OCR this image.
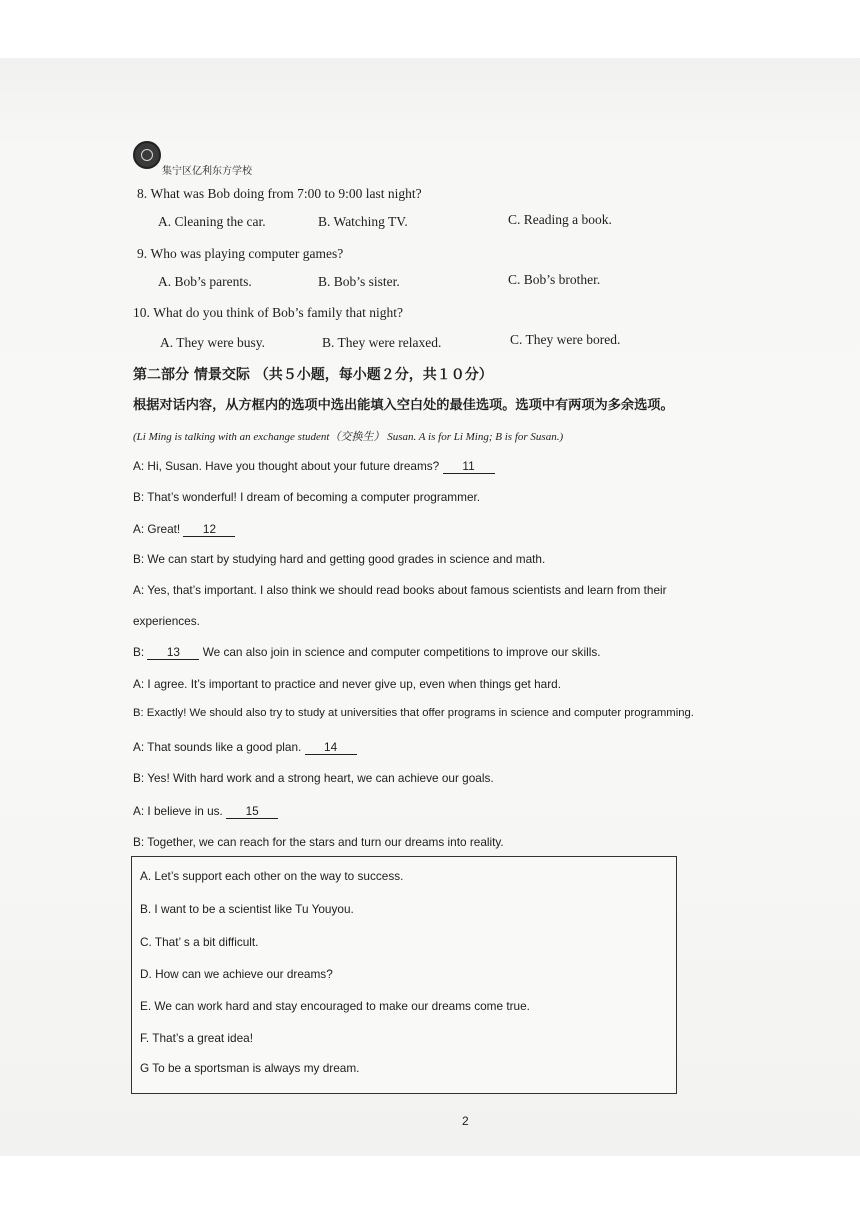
集宁区亿利东方学校
8. What was Bob doing from 7:00 to 9:00 last night?
A. Cleaning the car.	B. Watching TV.	C. Reading a book.
9. Who was playing computer games?
A. Bob’s parents.	B. Bob’s sister.	C. Bob’s brother.
10. What do you think of Bob’s family that night?
A. They were busy.	B. They were relaxed.	C. They were bored.
第二部分 情景交际 （共５小题，每小题２分，共１０分）
根据对话内容，从方框内的选项中选出能填入空白处的最佳选项。选项中有两项为多余选项。
(Li Ming is talking with an exchange student（交换生） Susan. A is for Li Ming; B is for Susan.)
A: Hi, Susan. Have you thought about your future dreams? 11
B: That’s wonderful! I dream of becoming a computer programmer.
A: Great! 12
B: We can start by studying hard and getting good grades in science and math.
A: Yes, that’s important. I also think we should read books about famous scientists and learn from their
experiences.
B: 13 We can also join in science and computer competitions to improve our skills.
A: I agree. It’s important to practice and never give up, even when things get hard.
B: Exactly! We should also try to study at universities that offer programs in science and computer programming.
A: That sounds like a good plan. 14
B: Yes! With hard work and a strong heart, we can achieve our goals.
A: I believe in us. 15
B: Together, we can reach for the stars and turn our dreams into reality.
A. Let’s support each other on the way to success.
B. I want to be a scientist like Tu Youyou.
C. That’ s a bit difficult.
D. How can we achieve our dreams?
E. We can work hard and stay encouraged to make our dreams come true.
F. That’s a great idea!
G To be a sportsman is always my dream.
2
